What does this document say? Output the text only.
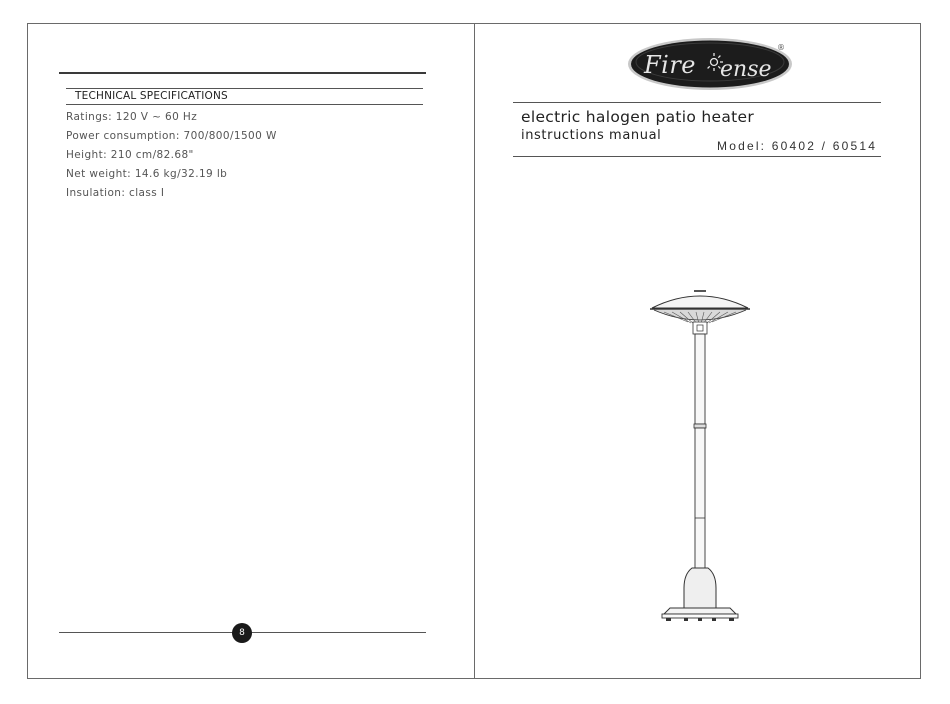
TECHNICAL SPECIFICATIONS
Ratings: 120 V ~ 60 Hz
Power consumption: 700/800/1500 W
Height: 210 cm/82.68"
Net weight: 14.6 kg/32.19 lb
Insulation: class I
8
Fire ense
®
electric halogen patio heater
instructions manual
Model: 60402 / 60514
